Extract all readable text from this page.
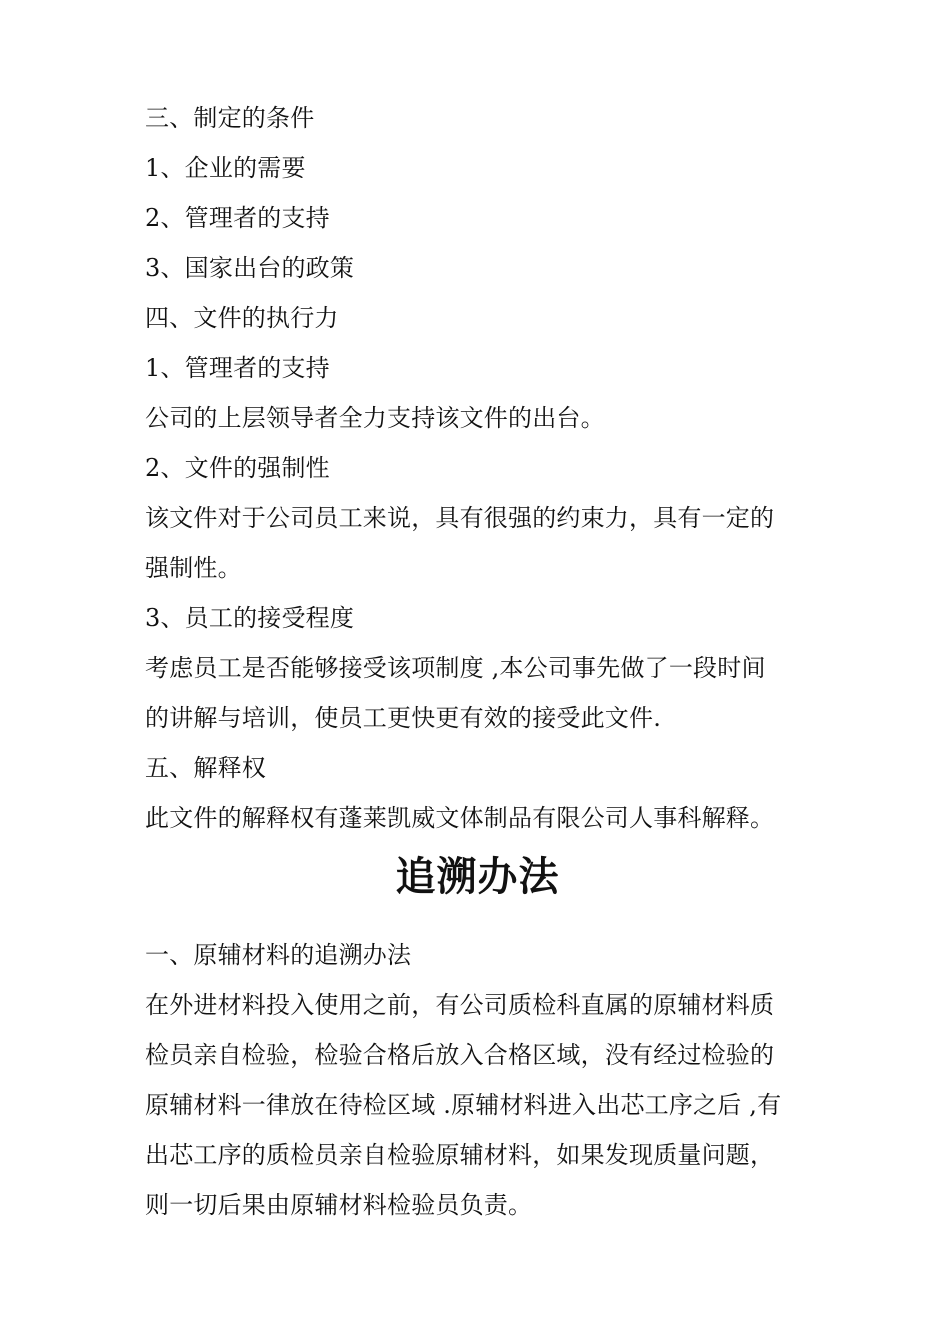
三、制定的条件
1、企业的需要
2、管理者的支持
3、国家出台的政策
四、文件的执行力
1、管理者的支持
公司的上层领导者全力支持该文件的出台。
2、文件的强制性
该文件对于公司员工来说，具有很强的约束力，具有一定的
强制性。
3、员工的接受程度
考虑员工是否能够接受该项制度 ,本公司事先做了一段时间
的讲解与培训，使员工更快更有效的接受此文件.
五、解释权
此文件的解释权有蓬莱凯威文体制品有限公司人事科解释。
追溯办法
一、原辅材料的追溯办法
在外进材料投入使用之前，有公司质检科直属的原辅材料质
检员亲自检验，检验合格后放入合格区域，没有经过检验的
原辅材料一律放在待检区域 .原辅材料进入出芯工序之后 ,有
出芯工序的质检员亲自检验原辅材料，如果发现质量问题，
则一切后果由原辅材料检验员负责。
